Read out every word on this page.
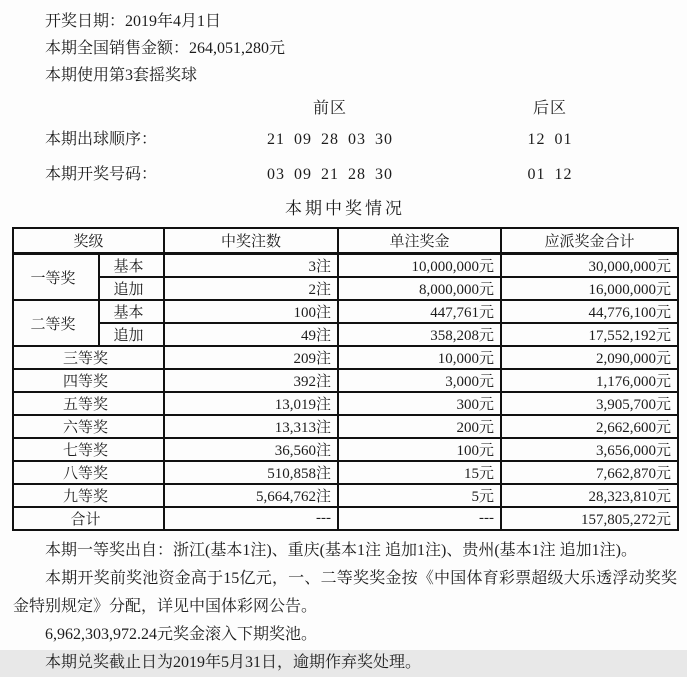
开奖日期：2019年4月1日
本期全国销售金额：264,051,280元
本期使用第3套摇奖球
前区	后区
本期出球顺序：	21 09 28 03 30	12 01
本期开奖号码：	03 09 21 28 30	01 12
本期中奖情况
奖级		中奖注数	单注奖金	应派奖金合计
一等奖	基本	3注	10,000,000元	30,000,000元
	追加	2注	8,000,000元	16,000,000元
二等奖	基本	100注	447,761元	44,776,100元
	追加	49注	358,208元	17,552,192元
三等奖		209注	10,000元	2,090,000元
四等奖		392注	3,000元	1,176,000元
五等奖		13,019注	300元	3,905,700元
六等奖		13,313注	200元	2,662,600元
七等奖		36,560注	100元	3,656,000元
八等奖		510,858注	15元	7,662,870元
九等奖		5,664,762注	5元	28,323,810元
合计		---	---	157,805,272元

本期一等奖出自：浙江(基本1注)、重庆(基本1注 追加1注)、贵州(基本1注 追加1注)。

本期开奖前奖池资金高于15亿元，一、二等奖奖金按《中国体育彩票超级大乐透浮动奖奖金特别规定》分配，详见中国体彩网公告。

6,962,303,972.24元奖金滚入下期奖池。

本期兑奖截止日为2019年5月31日，逾期作弃奖处理。
